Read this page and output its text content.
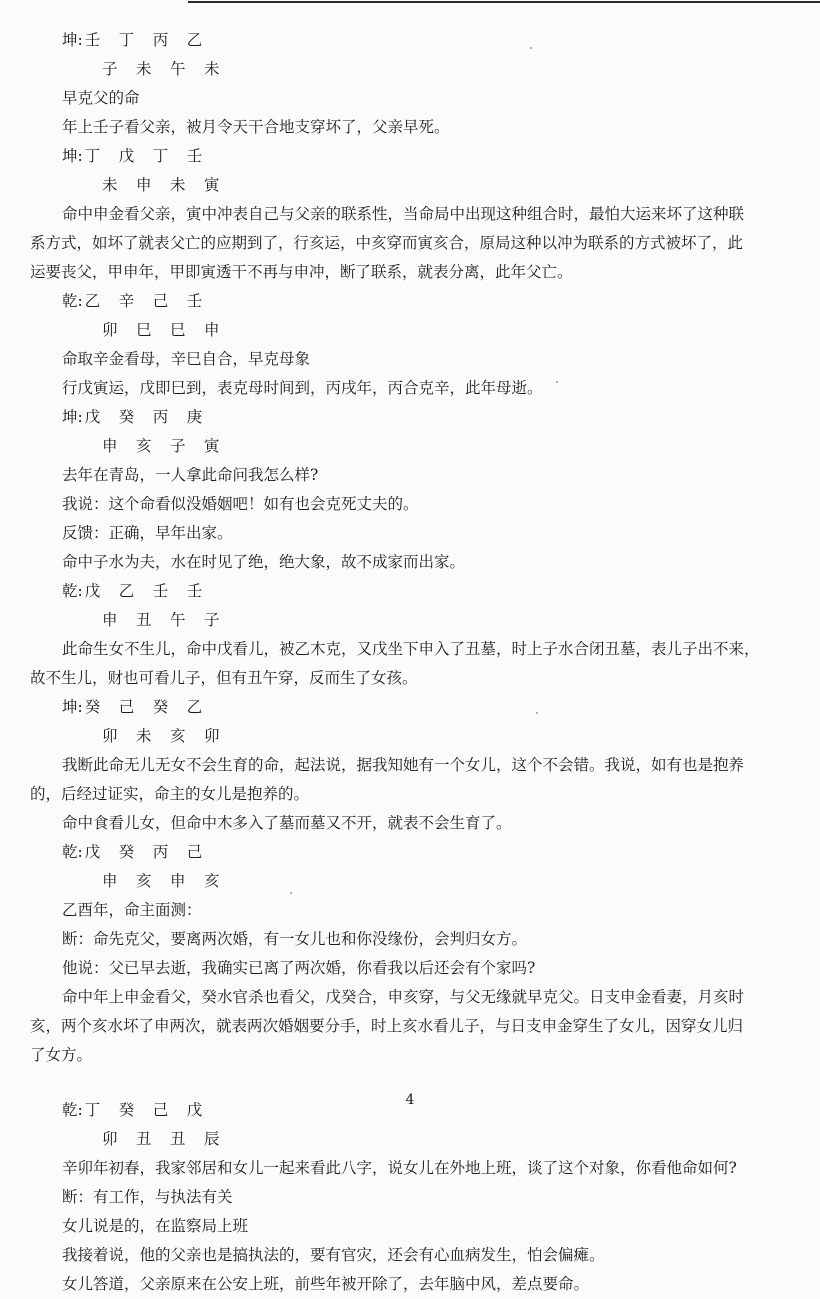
坤: 壬 丁 丙 乙
子 未 午 未
早克父的命
年上壬子看父亲，被月令天干合地支穿坏了，父亲早死。
坤: 丁 戊 丁 壬
未 申 未 寅
命中申金看父亲，寅中冲表自己与父亲的联系性，当命局中出现这种组合时，最怕大运来坏了这种联
系方式，如坏了就表父亡的应期到了，行亥运，中亥穿而寅亥合，原局这种以冲为联系的方式被坏了，此
运要丧父，甲申年，甲即寅透干不再与申冲，断了联系，就表分离，此年父亡。
乾: 乙 辛 己 壬
卯 巳 巳 申
命取辛金看母，辛巳自合，早克母象
行戊寅运，戊即巳到，表克母时间到，丙戌年，丙合克辛，此年母逝。
坤: 戊 癸 丙 庚
申 亥 子 寅
去年在青岛，一人拿此命问我怎么样?
我说：这个命看似没婚姻吧！如有也会克死丈夫的。
反馈：正确，早年出家。
命中子水为夫，水在时见了绝，绝大象，故不成家而出家。
乾: 戊 乙 壬 壬
申 丑 午 子
此命生女不生儿，命中戊看儿，被乙木克，又戊坐下申入了丑墓，时上子水合闭丑墓，表儿子出不来，
故不生儿，财也可看儿子，但有丑午穿，反而生了女孩。
坤: 癸 己 癸 乙
卯 未 亥 卯
我断此命无儿无女不会生育的命，起法说，据我知她有一个女儿，这个不会错。我说，如有也是抱养
的，后经过证实，命主的女儿是抱养的。
命中食看儿女，但命中木多入了墓而墓又不开，就表不会生育了。
乾: 戊 癸 丙 己
申 亥 申 亥
乙酉年，命主面测：
断：命先克父，要离两次婚，有一女儿也和你没缘份，会判归女方。
他说：父已早去逝，我确实已离了两次婚，你看我以后还会有个家吗?
命中年上申金看父，癸水官杀也看父，戊癸合，申亥穿，与父无缘就早克父。日支申金看妻，月亥时
亥，两个亥水坏了申两次，就表两次婚姻要分手，时上亥水看儿子，与日支申金穿生了女儿，因穿女儿归
了女方。
乾: 丁 癸 己 戊
卯 丑 丑 辰
辛卯年初春，我家邻居和女儿一起来看此八字，说女儿在外地上班，谈了这个对象，你看他命如何?
断：有工作，与执法有关
女儿说是的，在监察局上班
我接着说，他的父亲也是搞执法的，要有官灾，还会有心血病发生，怕会偏瘫。
女儿答道，父亲原来在公安上班，前些年被开除了，去年脑中风，差点要命。
4
